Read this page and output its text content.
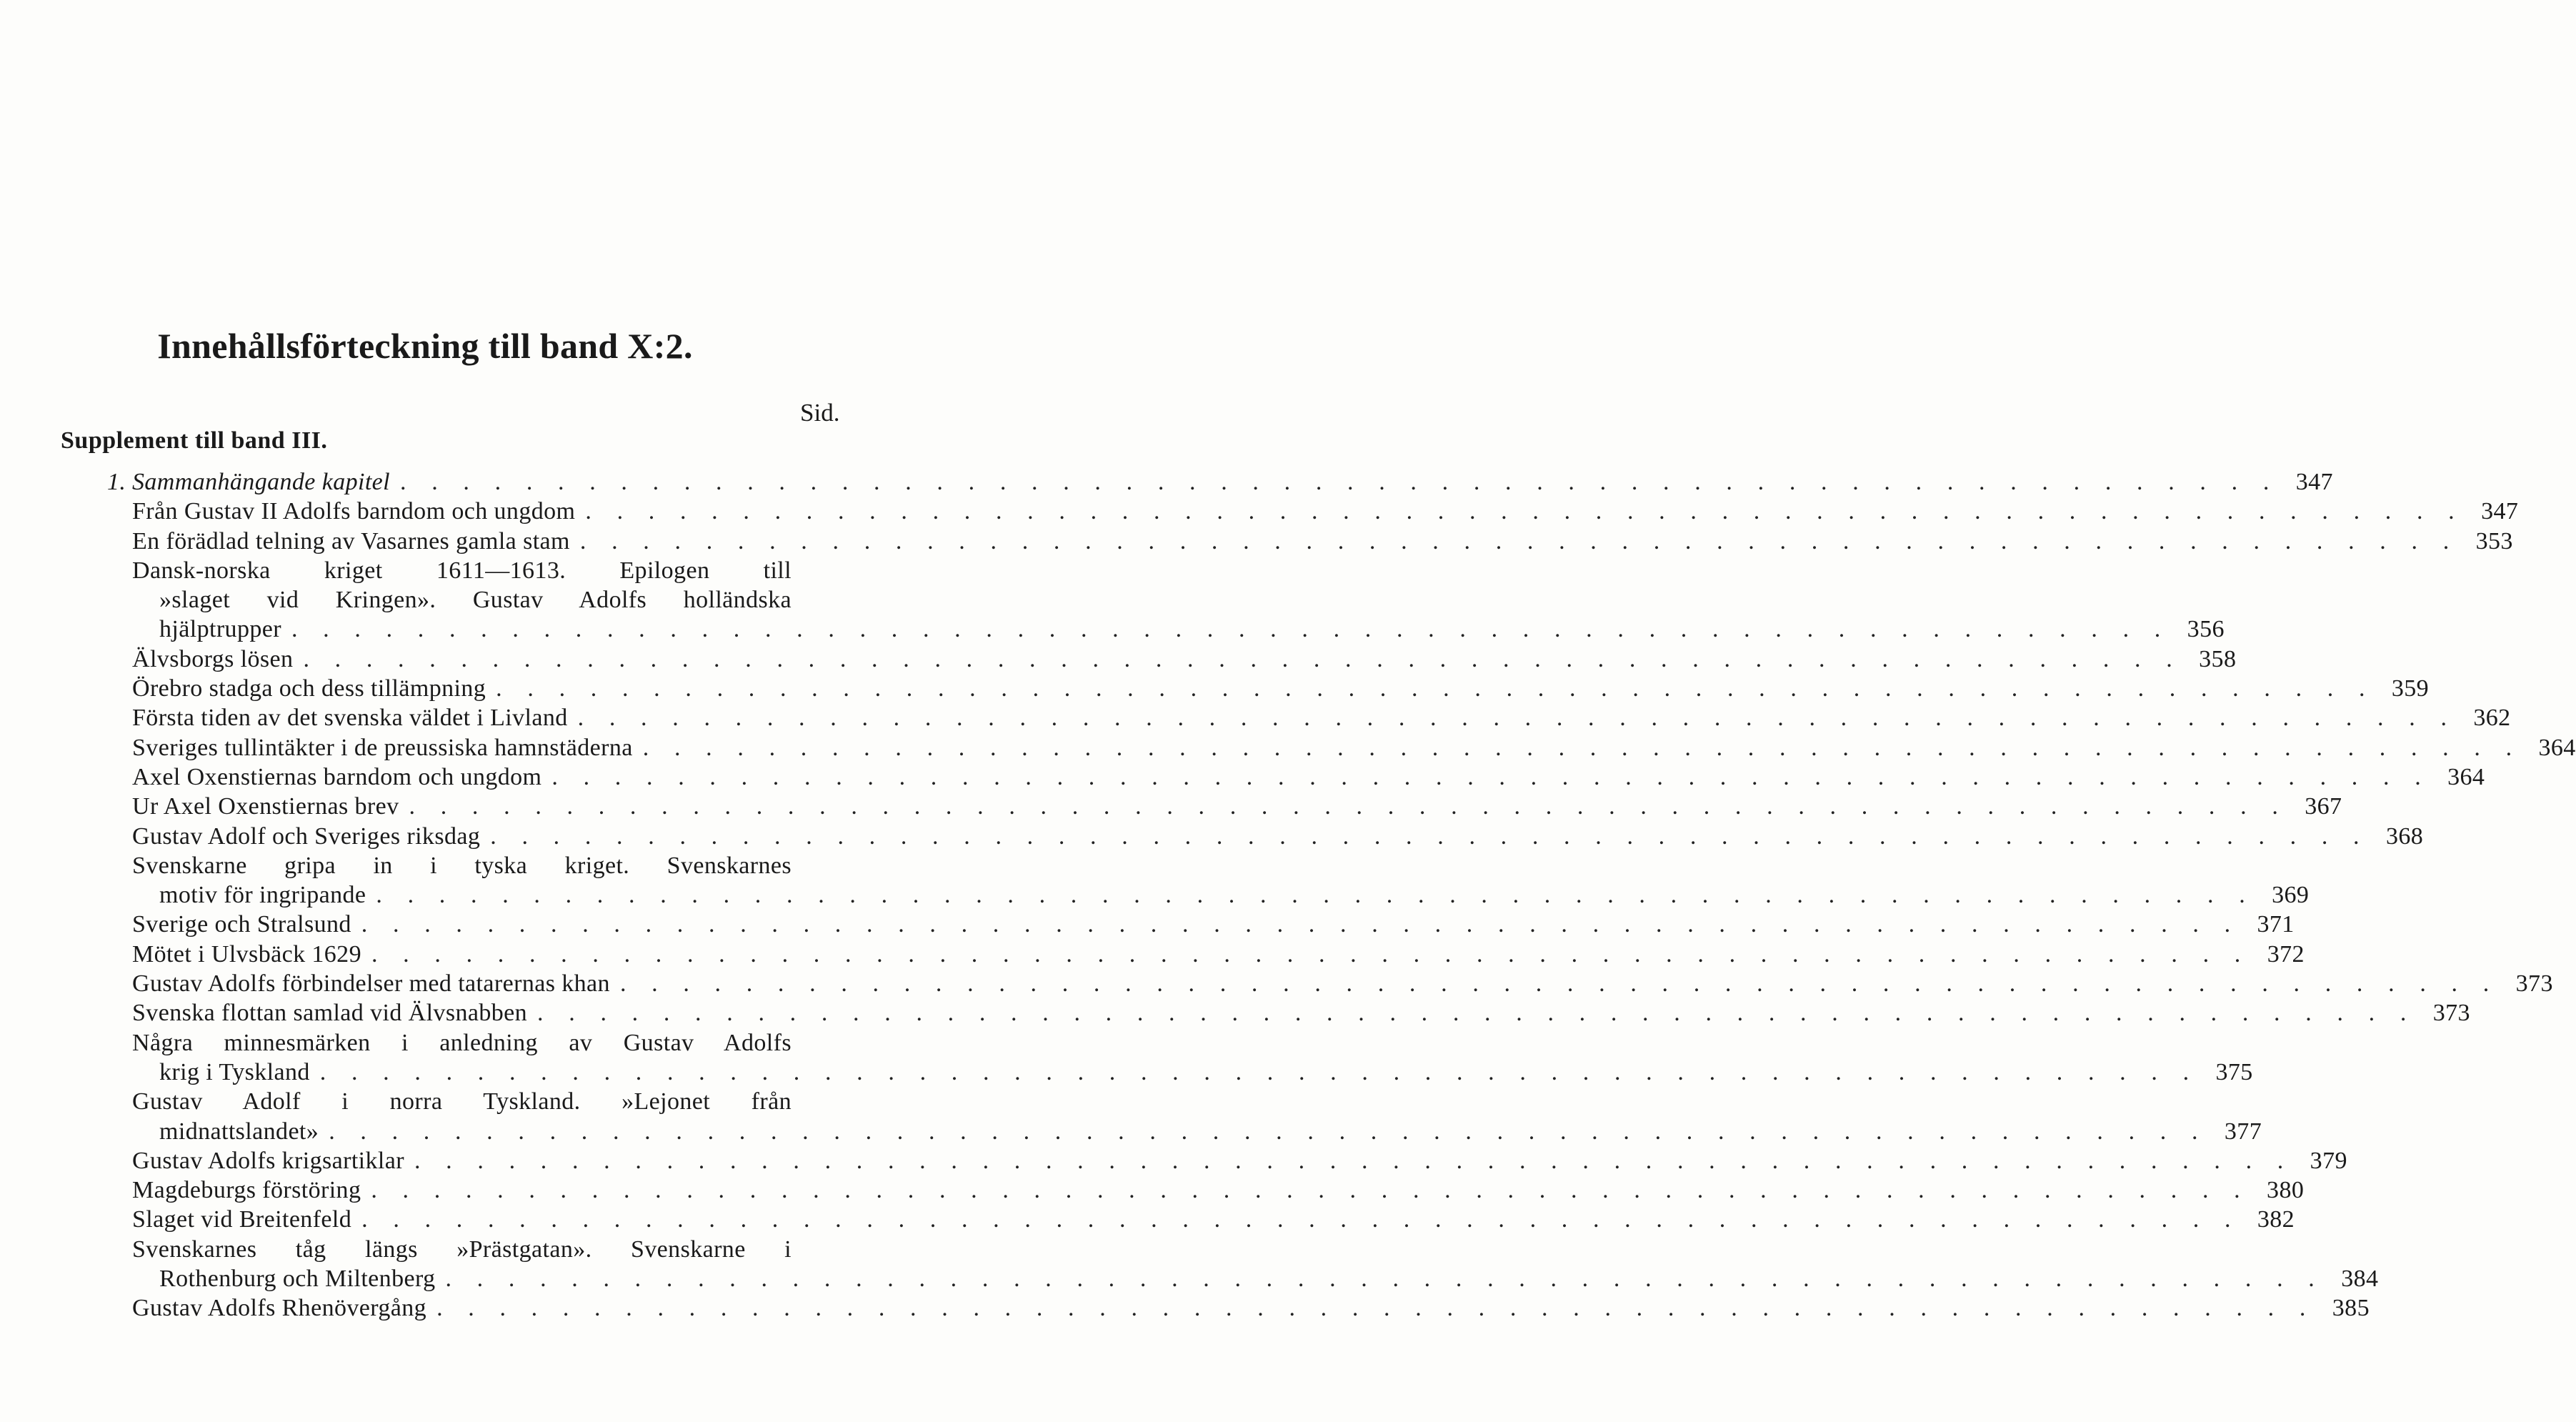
Innehållsförteckning till band X:2.
Sid.
Supplement till band III.
1. Sammanhängande kapitel . . . . . . . . . . . . . . . . . . . . . . . . . . . . . . . . . . . . . . . . . . . . . . . . . . . . . . . . . . . . 347
Från Gustav II Adolfs barndom och ungdom . . . . . . . . . . . . . . . . . . . . . . . . . . . . . . . . . . . . . . . . . . . . . . . . . . . . . . . . . . . . 347
En förädlad telning av Vasarnes gamla stam . . . . . . . . . . . . . . . . . . . . . . . . . . . . . . . . . . . . . . . . . . . . . . . . . . . . . . . . . . . . 353
Dansk-norska kriget 1611—1613. Epilogen till
»slaget vid Kringen». Gustav Adolfs holländska
hjälptrupper . . . . . . . . . . . . . . . . . . . . . . . . . . . . . . . . . . . . . . . . . . . . . . . . . . . . . . . . . . . . 356
Älvsborgs lösen . . . . . . . . . . . . . . . . . . . . . . . . . . . . . . . . . . . . . . . . . . . . . . . . . . . . . . . . . . . . 358
Örebro stadga och dess tillämpning . . . . . . . . . . . . . . . . . . . . . . . . . . . . . . . . . . . . . . . . . . . . . . . . . . . . . . . . . . . . 359
Första tiden av det svenska väldet i Livland . . . . . . . . . . . . . . . . . . . . . . . . . . . . . . . . . . . . . . . . . . . . . . . . . . . . . . . . . . . . 362
Sveriges tullintäkter i de preussiska hamnstäderna . . . . . . . . . . . . . . . . . . . . . . . . . . . . . . . . . . . . . . . . . . . . . . . . . . . . . . . . . . . . 364
Axel Oxenstiernas barndom och ungdom . . . . . . . . . . . . . . . . . . . . . . . . . . . . . . . . . . . . . . . . . . . . . . . . . . . . . . . . . . . . 364
Ur Axel Oxenstiernas brev . . . . . . . . . . . . . . . . . . . . . . . . . . . . . . . . . . . . . . . . . . . . . . . . . . . . . . . . . . . . 367
Gustav Adolf och Sveriges riksdag . . . . . . . . . . . . . . . . . . . . . . . . . . . . . . . . . . . . . . . . . . . . . . . . . . . . . . . . . . . . 368
Svenskarne gripa in i tyska kriget. Svenskarnes
motiv för ingripande . . . . . . . . . . . . . . . . . . . . . . . . . . . . . . . . . . . . . . . . . . . . . . . . . . . . . . . . . . . . 369
Sverige och Stralsund . . . . . . . . . . . . . . . . . . . . . . . . . . . . . . . . . . . . . . . . . . . . . . . . . . . . . . . . . . . . 371
Mötet i Ulvsbäck 1629 . . . . . . . . . . . . . . . . . . . . . . . . . . . . . . . . . . . . . . . . . . . . . . . . . . . . . . . . . . . . 372
Gustav Adolfs förbindelser med tatarernas khan . . . . . . . . . . . . . . . . . . . . . . . . . . . . . . . . . . . . . . . . . . . . . . . . . . . . . . . . . . . . 373
Svenska flottan samlad vid Älvsnabben . . . . . . . . . . . . . . . . . . . . . . . . . . . . . . . . . . . . . . . . . . . . . . . . . . . . . . . . . . . . 373
Några minnesmärken i anledning av Gustav Adolfs
krig i Tyskland . . . . . . . . . . . . . . . . . . . . . . . . . . . . . . . . . . . . . . . . . . . . . . . . . . . . . . . . . . . . 375
Gustav Adolf i norra Tyskland. »Lejonet från
midnattslandet» . . . . . . . . . . . . . . . . . . . . . . . . . . . . . . . . . . . . . . . . . . . . . . . . . . . . . . . . . . . . 377
Gustav Adolfs krigsartiklar . . . . . . . . . . . . . . . . . . . . . . . . . . . . . . . . . . . . . . . . . . . . . . . . . . . . . . . . . . . . 379
Magdeburgs förstöring . . . . . . . . . . . . . . . . . . . . . . . . . . . . . . . . . . . . . . . . . . . . . . . . . . . . . . . . . . . . 380
Slaget vid Breitenfeld . . . . . . . . . . . . . . . . . . . . . . . . . . . . . . . . . . . . . . . . . . . . . . . . . . . . . . . . . . . . 382
Svenskarnes tåg längs »Prästgatan». Svenskarne i
Rothenburg och Miltenberg . . . . . . . . . . . . . . . . . . . . . . . . . . . . . . . . . . . . . . . . . . . . . . . . . . . . . . . . . . . . 384
Gustav Adolfs Rhenövergång . . . . . . . . . . . . . . . . . . . . . . . . . . . . . . . . . . . . . . . . . . . . . . . . . . . . . . . . . . . . 385
